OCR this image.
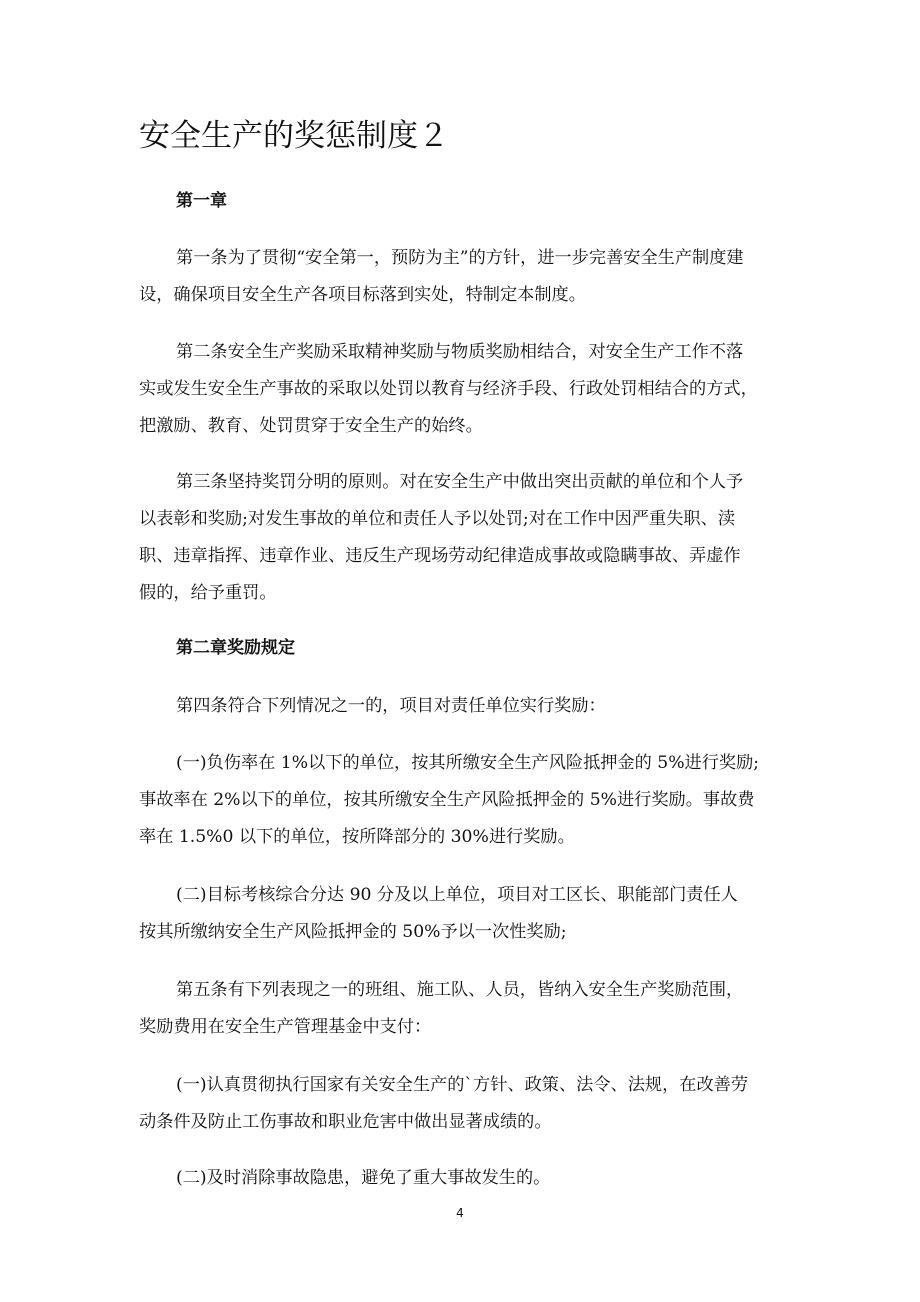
安全生产的奖惩制度２
第一章
第一条为了贯彻“安全第一，预防为主”的方针，进一步完善安全生产制度建
设，确保项目安全生产各项目标落到实处，特制定本制度。
第二条安全生产奖励采取精神奖励与物质奖励相结合，对安全生产工作不落
实或发生安全生产事故的采取以处罚以教育与经济手段、行政处罚相结合的方式，
把激励、教育、处罚贯穿于安全生产的始终。
第三条坚持奖罚分明的原则。对在安全生产中做出突出贡献的单位和个人予
以表彰和奖励;对发生事故的单位和责任人予以处罚;对在工作中因严重失职、渎
职、违章指挥、违章作业、违反生产现场劳动纪律造成事故或隐瞒事故、弄虚作
假的，给予重罚。
第二章奖励规定
第四条符合下列情况之一的，项目对责任单位实行奖励：
(一)负伤率在 1%以下的单位，按其所缴安全生产风险抵押金的 5%进行奖励;
事故率在 2%以下的单位，按其所缴安全生产风险抵押金的 5%进行奖励。事故费
率在 1.5%0 以下的单位，按所降部分的 30%进行奖励。
(二)目标考核综合分达 90 分及以上单位，项目对工区长、职能部门责任人
按其所缴纳安全生产风险抵押金的 50%予以一次性奖励;
第五条有下列表现之一的班组、施工队、人员，皆纳入安全生产奖励范围，
奖励费用在安全生产管理基金中支付：
(一)认真贯彻执行国家有关安全生产的`方针、政策、法令、法规，在改善劳
动条件及防止工伤事故和职业危害中做出显著成绩的。
(二)及时消除事故隐患，避免了重大事故发生的。
4
